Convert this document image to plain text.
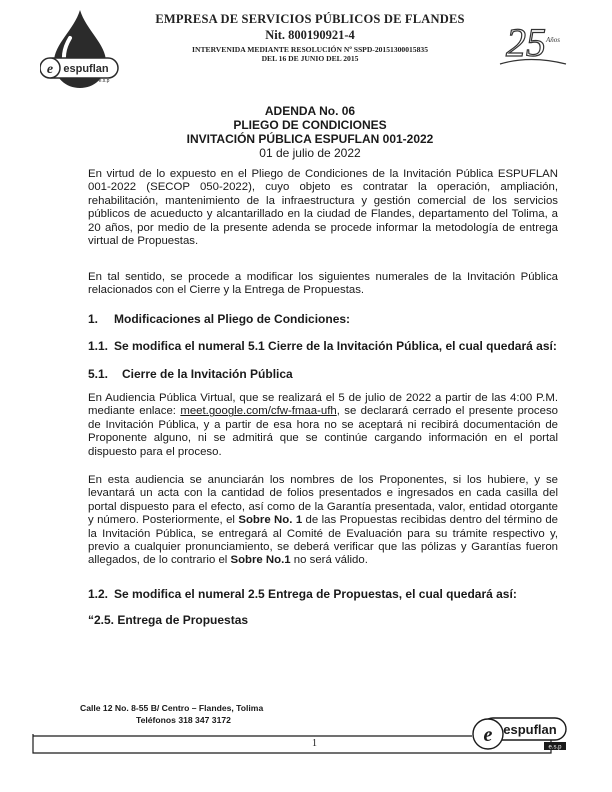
e espuflan
e.s.p
EMPRESA DE SERVICIOS PÚBLICOS DE FLANDES
Nit. 800190921-4
INTERVENIDA MEDIANTE RESOLUCIÓN Nº SSPD-20151300015835
DEL 16 DE JUNIO DEL 2015	25 Años
ADENDA No. 06
PLIEGO DE CONDICIONES
INVITACIÓN PÚBLICA ESPUFLAN 001-2022
01 de julio de 2022
En virtud de lo expuesto en el Pliego de Condiciones de la Invitación Pública ESPUFLAN 001-2022 (SECOP 050-2022), cuyo objeto es contratar la operación, ampliación, rehabilitación, mantenimiento de la infraestructura y gestión comercial de los servicios públicos de acueducto y alcantarillado en la ciudad de Flandes, departamento del Tolima, a 20 años, por medio de la presente adenda se procede informar la metodología de entrega virtual de Propuestas.
En tal sentido, se procede a modificar los siguientes numerales de la Invitación Pública relacionados con el Cierre y la Entrega de Propuestas.
1. Modificaciones al Pliego de Condiciones:
1.1. Se modifica el numeral 5.1 Cierre de la Invitación Pública, el cual quedará así:
5.1. Cierre de la Invitación Pública
En Audiencia Pública Virtual, que se realizará el 5 de julio de 2022 a partir de las 4:00 P.M. mediante enlace: meet.google.com/cfw-fmaa-ufh, se declarará cerrado el presente proceso de Invitación Pública, y a partir de esa hora no se aceptará ni recibirá documentación de Proponente alguno, ni se admitirá que se continúe cargando información en el portal dispuesto para el proceso.
En esta audiencia se anunciarán los nombres de los Proponentes, si los hubiere, y se levantará un acta con la cantidad de folios presentados e ingresados en cada casilla del portal dispuesto para el efecto, así como de la Garantía presentada, valor, entidad otorgante y número. Posteriormente, el Sobre No. 1 de las Propuestas recibidas dentro del término de la Invitación Pública, se entregará al Comité de Evaluación para su trámite respectivo y, previo a cualquier pronunciamiento, se deberá verificar que las pólizas y Garantías fueron allegados, de lo contrario el Sobre No.1 no será válido.
1.2. Se modifica el numeral 2.5 Entrega de Propuestas, el cual quedará así:
“2.5. Entrega de Propuestas
Calle 12 No. 8-55 B/ Centro – Flandes, Tolima
Teléfonos 318 347 3172
e espuflan
e.s.p
1
